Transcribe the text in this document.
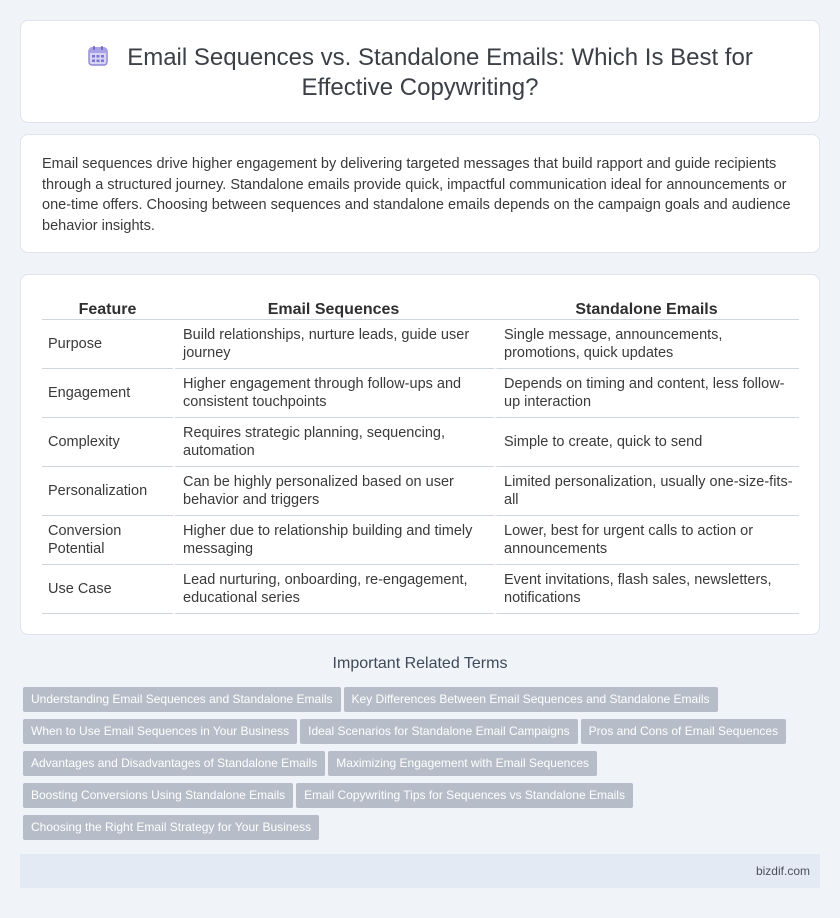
Email Sequences vs. Standalone Emails: Which Is Best for
Effective Copywriting?

Email sequences drive higher engagement by delivering targeted messages that build rapport and guide recipients through a structured journey. Standalone emails provide quick, impactful communication ideal for announcements or one-time offers. Choosing between sequences and standalone emails depends on the campaign goals and audience behavior insights.

Feature	Email Sequences	Standalone Emails
Purpose	Build relationships, nurture leads, guide user journey	Single message, announcements, promotions, quick updates
Engagement	Higher engagement through follow-ups and consistent touchpoints	Depends on timing and content, less follow-up interaction
Complexity	Requires strategic planning, sequencing, automation	Simple to create, quick to send
Personalization	Can be highly personalized based on user behavior and triggers	Limited personalization, usually one-size-fits-all
Conversion Potential	Higher due to relationship building and timely messaging	Lower, best for urgent calls to action or announcements
Use Case	Lead nurturing, onboarding, re-engagement, educational series	Event invitations, flash sales, newsletters, notifications
Important Related Terms
Understanding Email Sequences and Standalone Emails Key Differences Between Email Sequences and Standalone Emails
When to Use Email Sequences in Your Business Ideal Scenarios for Standalone Email Campaigns Pros and Cons of Email Sequences
Advantages and Disadvantages of Standalone Emails Maximizing Engagement with Email Sequences
Boosting Conversions Using Standalone Emails Email Copywriting Tips for Sequences vs Standalone Emails
Choosing the Right Email Strategy for Your Business
bizdif.com
